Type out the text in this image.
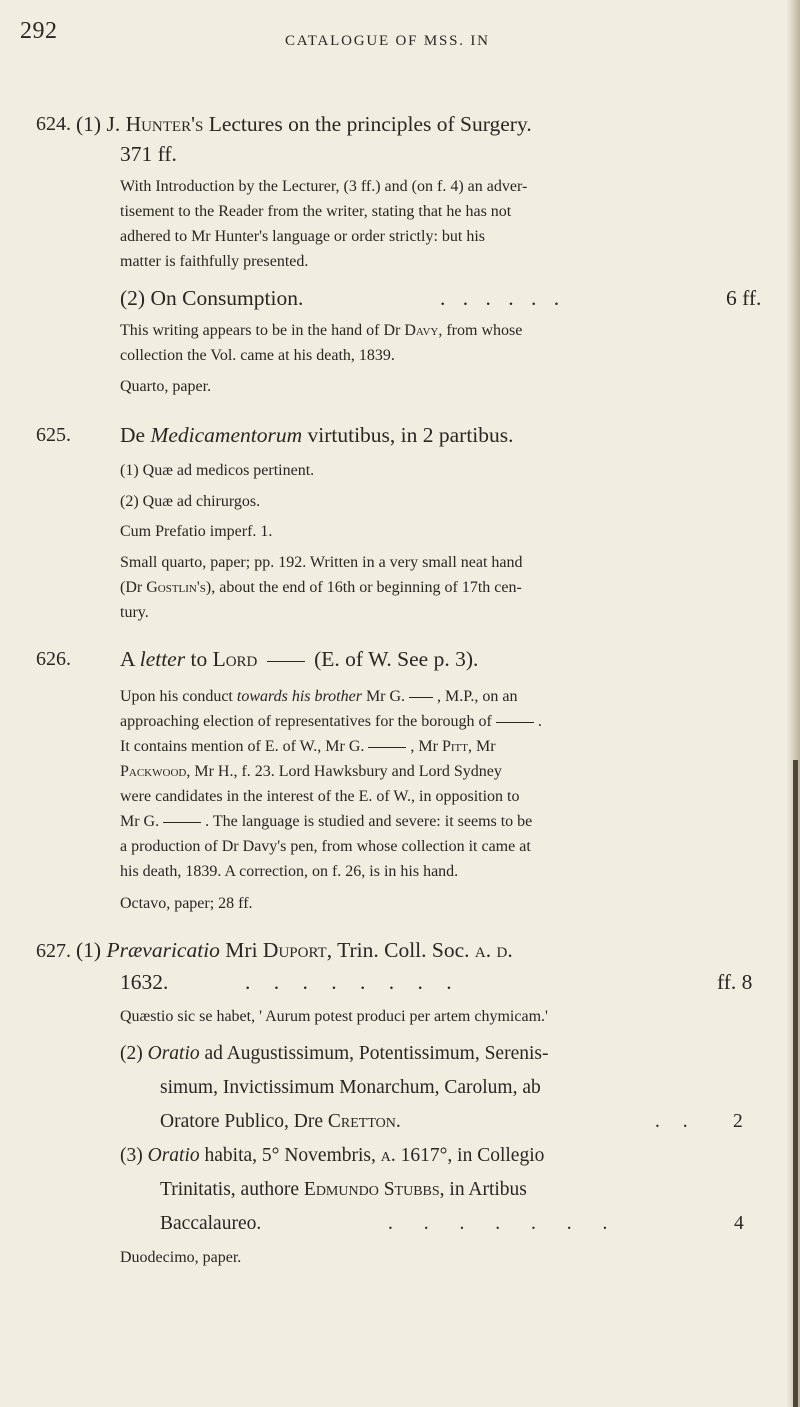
292	CATALOGUE OF MSS. IN
624. (1) J. Hunter's Lectures on the principles of Surgery.
371 ff.
With Introduction by the Lecturer, (3 ff.) and (on f. 4) an adver-
tisement to the Reader from the writer, stating that he has not
adhered to Mr Hunter's language or order strictly: but his
matter is faithfully presented.
(2) On Consumption.	. . . . . .	6 ff.
This writing appears to be in the hand of Dr Davy, from whose
collection the Vol. came at his death, 1839.
Quarto, paper.
625. De Medicamentorum virtutibus, in 2 partibus.
(1) Quæ ad medicos pertinent.
(2) Quæ ad chirurgos.
Cum Prefatio imperf. 1.
Small quarto, paper; pp. 192. Written in a very small neat hand
(Dr Gostlin's), about the end of 16th or beginning of 17th cen-
tury.
626. A letter to Lord	(E. of W. See p. 3).
Upon his conduct towards his brother Mr G. , M.P., on an
approaching election of representatives for the borough of	.
It contains mention of E. of W., Mr G.	, Mr Pitt, Mr
Packwood, Mr H., f. 23. Lord Hawksbury and Lord Sydney
were candidates in the interest of the E. of W., in opposition to
Mr G.	. The language is studied and severe: it seems to be
a production of Dr Davy's pen, from whose collection it came at
his death, 1839. A correction, on f. 26, is in his hand.
Octavo, paper; 28 ff.
627. (1) Prævaricatio Mri Duport, Trin. Coll. Soc. a. d.
1632.	. . . . . . . .	ff. 8
Quæstio sic se habet, ' Aurum potest produci per artem chymicam.'
(2) Oratio ad Augustissimum, Potentissimum, Serenis-
simum, Invictissimum Monarchum, Carolum, ab
Oratore Publico, Dre Cretton.	. . 2
(3) Oratio habita, 5° Novembris, a. 1617°, in Collegio
Trinitatis, authore Edmundo Stubbs, in Artibus
Baccalaureo.	. . . . . . .	4
Duodecimo, paper.
